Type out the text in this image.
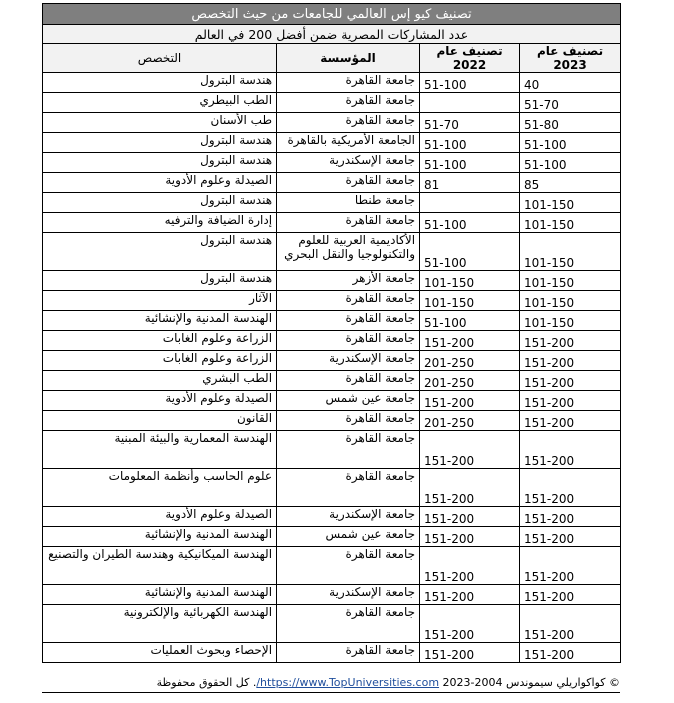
تصنيف كيو إس العالمي للجامعات من حيث التخصص			
عدد المشاركات المصرية ضمن أفضل 200 في العالم			
تصنيف عام 2023	تصنيف عام 2022	المؤسسة	التخصص
40	51-100	جامعة القاهرة	هندسة البترول
51-70		جامعة القاهرة	الطب البيطري
51-80	51-70	جامعة القاهرة	طب الأسنان
51-100	51-100	الجامعة الأمريكية بالقاهرة	هندسة البترول
51-100	51-100	جامعة الإسكندرية	هندسة البترول
85	81	جامعة القاهرة	الصيدلة وعلوم الأدوية
101-150		جامعة طنطا	هندسة البترول
101-150	51-100	جامعة القاهرة	إدارة الضيافة والترفيه
101-150	51-100	الأكاديمية العربية للعلوم والتكنولوجيا والنقل البحري	هندسة البترول
101-150	101-150	جامعة الأزهر	هندسة البترول
101-150	101-150	جامعة القاهرة	الآثار
101-150	51-100	جامعة القاهرة	الهندسة المدنية والإنشائية
151-200	151-200	جامعة القاهرة	الزراعة وعلوم الغابات
151-200	201-250	جامعة الإسكندرية	الزراعة وعلوم الغابات
151-200	201-250	جامعة القاهرة	الطب البشري
151-200	151-200	جامعة عين شمس	الصيدلة وعلوم الأدوية
151-200	201-250	جامعة القاهرة	القانون
151-200	151-200	جامعة القاهرة	الهندسة المعمارية والبيئة المبنية
151-200	151-200	جامعة القاهرة	علوم الحاسب وأنظمة المعلومات
151-200	151-200	جامعة الإسكندرية	الصيدلة وعلوم الأدوية
151-200	151-200	جامعة عين شمس	الهندسة المدنية والإنشائية
151-200	151-200	جامعة القاهرة	الهندسة الميكانيكية وهندسة الطيران والتصنيع
151-200	151-200	جامعة الإسكندرية	الهندسة المدنية والإنشائية
151-200	151-200	جامعة القاهرة	الهندسة الكهربائية والإلكترونية
151-200	151-200	جامعة القاهرة	الإحصاء وبحوث العمليات
© كواكواريلي سيموندس 2004-2023 https://www.TopUniversities.com/. كل الحقوق محفوظة
